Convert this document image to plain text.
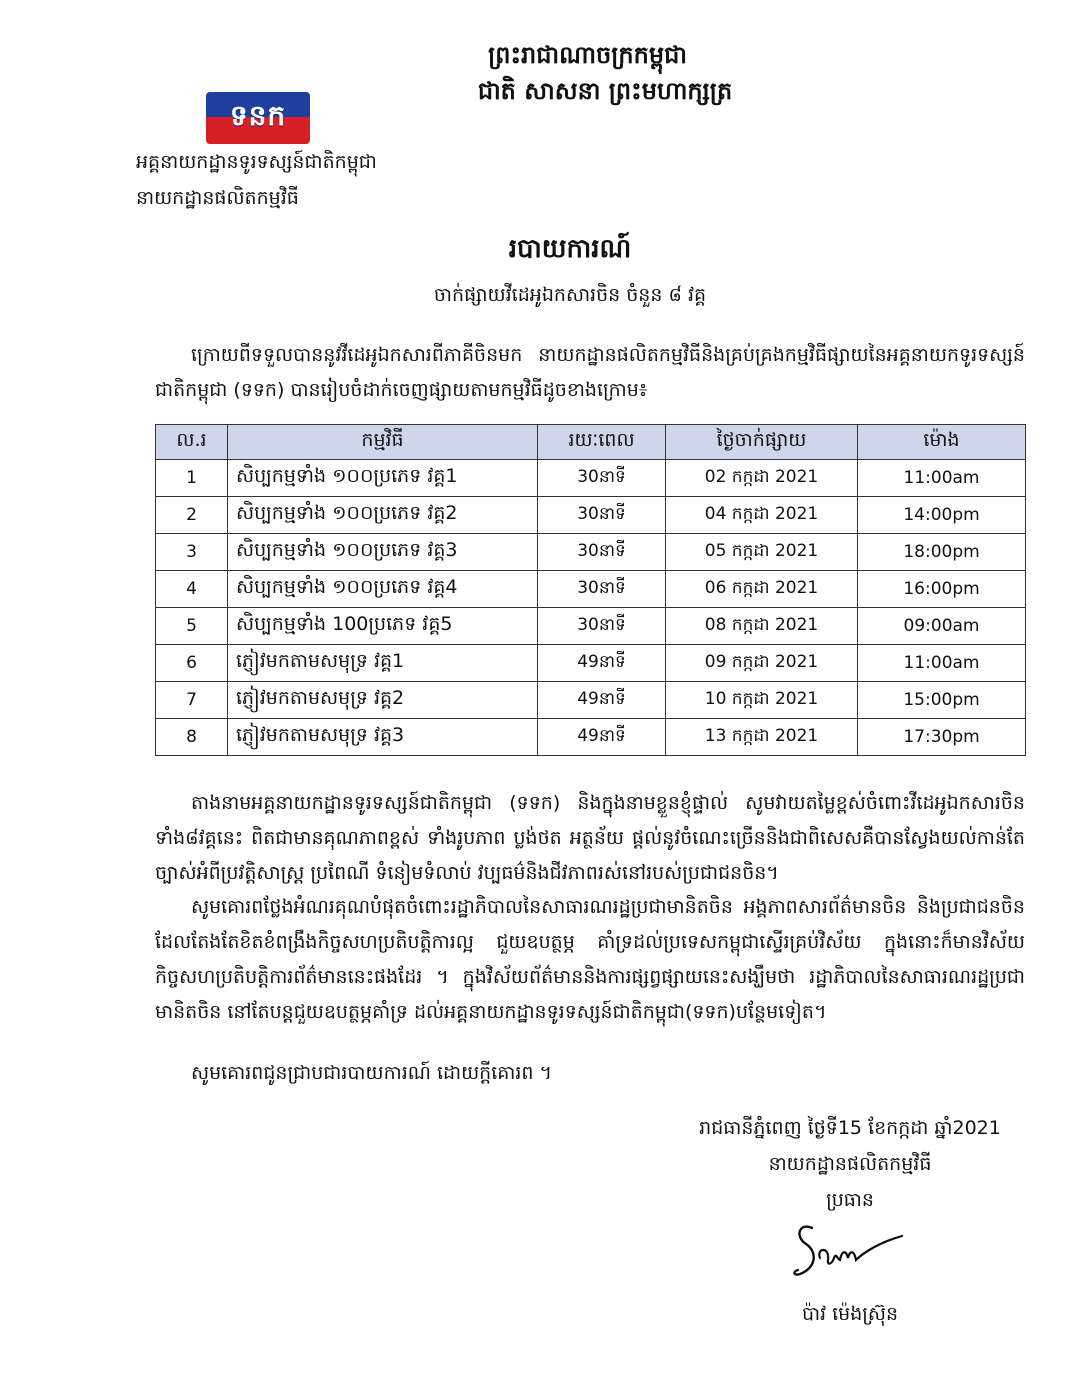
ព្រះរាជាណាចក្រកម្ពុជា
ជាតិ សាសនា ព្រះមហាក្សត្រ
ទនក
អគ្គនាយកដ្ឋានទូរទស្សន៍ជាតិកម្ពុជា
នាយកដ្ឋានផលិតកម្មវិធី
របាយការណ៍
ចាក់ផ្សាយវីដេអូឯកសារចិន ចំនួន ៨ វគ្គ
ក្រោយពីទទួលបាននូវវីដេអូឯកសារពីភាគីចិនមក នាយកដ្ឋានផលិតកម្មវិធីនិងគ្រប់គ្រងកម្មវិធីផ្សាយនៃអគ្គនាយកទូរទស្សន៍ជាតិកម្ពុជា (ទទក) បានរៀបចំដាក់ចេញផ្សាយតាមកម្មវិធីដូចខាងក្រោម៖
ល.រ	កម្មវិធី	រយៈពេល	ថ្ងៃចាក់ផ្សាយ	ម៉ោង
1	សិប្បកម្មទាំង ១០០ប្រភេទ វគ្គ1	30នាទី	02 កក្កដា 2021	11:00am
2	សិប្បកម្មទាំង ១០០ប្រភេទ វគ្គ2	30នាទី	04 កក្កដា 2021	14:00pm
3	សិប្បកម្មទាំង ១០០ប្រភេទ វគ្គ3	30នាទី	05 កក្កដា 2021	18:00pm
4	សិប្បកម្មទាំង ១០០ប្រភេទ វគ្គ4	30នាទី	06 កក្កដា 2021	16:00pm
5	សិប្បកម្មទាំង 100ប្រភេទ វគ្គ5	30នាទី	08 កក្កដា 2021	09:00am
6	ភ្ញៀវមកតាមសមុទ្រ វគ្គ1	49នាទី	09 កក្កដា 2021	11:00am
7	ភ្ញៀវមកតាមសមុទ្រ វគ្គ2	49នាទី	10 កក្កដា 2021	15:00pm
8	ភ្ញៀវមកតាមសមុទ្រ វគ្គ3	49នាទី	13 កក្កដា 2021	17:30pm
តាងនាមអគ្គនាយកដ្ឋានទូរទស្សន៍ជាតិកម្ពុជា (ទទក) និងក្នុងនាមខ្លួនខ្ញុំផ្ទាល់ សូមវាយតម្លៃខ្ពស់ចំពោះវីដេអូឯកសារចិនទាំង៨វគ្គនេះ ពិតជាមានគុណភាពខ្ពស់ ទាំងរូបភាព ប្លង់ថត អត្ថន័យ ផ្តល់នូវចំណេះច្រើននិងជាពិសេសគឺបានស្វែងយល់កាន់តែច្បាស់អំពីប្រវត្តិសាស្ត្រ ប្រពៃណី ទំនៀមទំលាប់ វប្បធម៌និងជីវភាពរស់នៅរបស់ប្រជាជនចិន។
សូមគោរពថ្លែងអំណរគុណបំផុតចំពោះរដ្ឋាភិបាលនៃសាធារណរដ្ឋប្រជាមានិតចិន អង្គភាពសារព័ត៌មានចិន និងប្រជាជនចិន ដែលតែងតែខិតខំពង្រឹងកិច្ចសហប្រតិបត្តិការល្អ ជួយឧបត្ថម្ភ គាំទ្រដល់ប្រទេសកម្ពុជាស្ទើរគ្រប់វិស័យ ក្នុងនោះក៏មានវិស័យកិច្ចសហប្រតិបត្តិការព័ត៌មាននេះផងដែរ ។ ក្នុងវិស័យព័ត៌មាននិងការផ្សព្វផ្សាយនេះសង្ឃឹមថា រដ្ឋាភិបាលនៃសាធារណរដ្ឋប្រជាមានិតចិន នៅតែបន្តជួយឧបត្ថម្ភគាំទ្រ ដល់អគ្គនាយកដ្ឋានទូរទស្សន៍ជាតិកម្ពុជា(ទទក)បន្ថែមទៀត។
សូមគោរពជូនជ្រាបជារបាយការណ៍ ដោយក្តីគោរព ។
រាជធានីភ្នំពេញ ថ្ងៃទី15 ខែកក្កដា ឆ្នាំ2021
នាយកដ្ឋានផលិតកម្មវិធី
ប្រធាន
ប៉ាវ ម៉េងស្រ៊ុន
